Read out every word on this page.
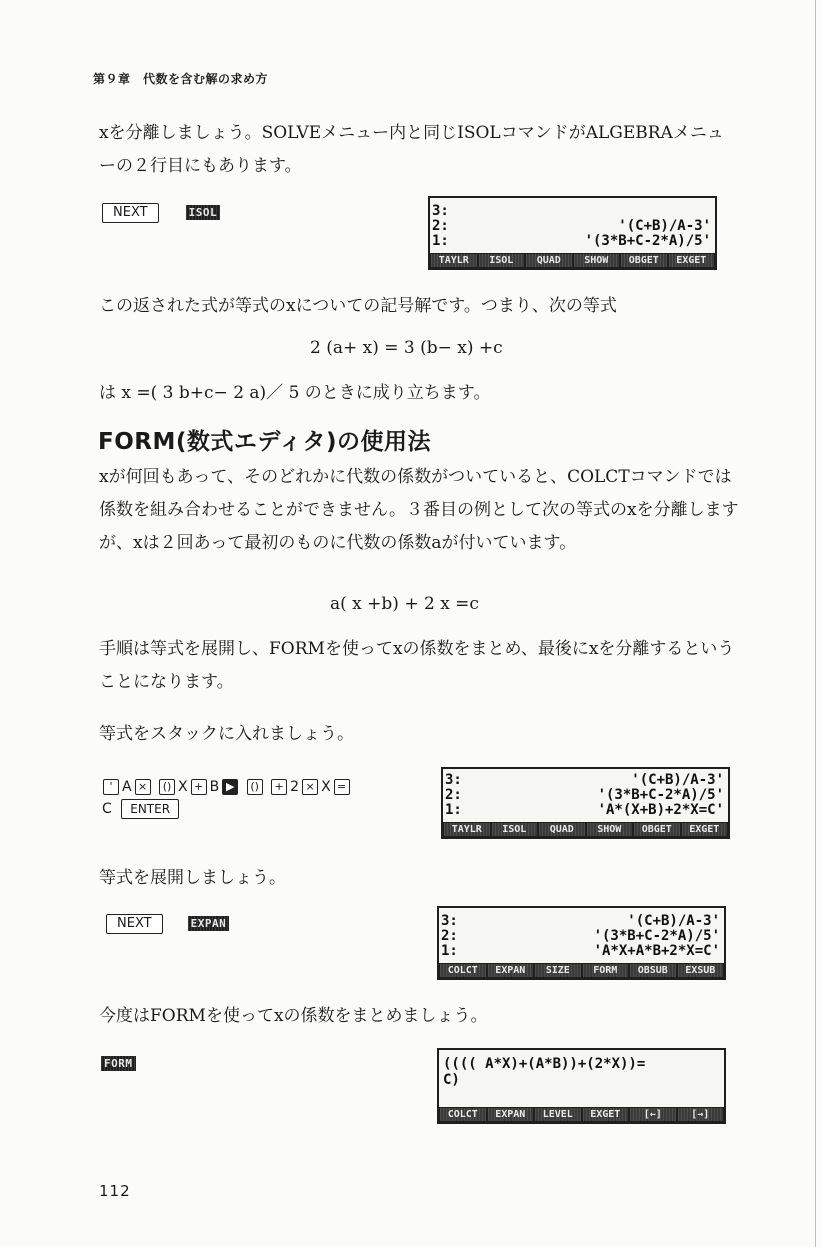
第９章　代数を含む解の求め方
xを分離しましょう。SOLVEメニュー内と同じISOLコマンドがALGEBRAメニューの２行目にもあります。
NEXT	ISOL	3:
2:	'(C+B)/A-3'
1:	'(3*B+C-2*A)/5'
TAYLR	ISOL	QUAD	SHOW	OBGET	EXGET
この返された式が等式のxについての記号解です。つまり、次の等式
2 (a+ x) = 3 (b− x) +c
は x =( 3 b+c− 2 a)／ 5 のときに成り立ちます。
FORM(数式エディタ)の使用法
xが何回もあって、そのどれかに代数の係数がついていると、COLCTコマンドでは係数を組み合わせることができません。３番目の例として次の等式のxを分離しますが、xは２回あって最初のものに代数の係数aが付いています。
a( x +b) + 2 x =c
手順は等式を展開し、FORMを使ってxの係数をまとめ、最後にxを分離するということになります。
等式をスタックに入れましょう。
' A × () X + B ▶ () + 2 × X =
C ENTER
3:	'(C+B)/A-3'
2:	'(3*B+C-2*A)/5'
1:	'A*(X+B)+2*X=C'
TAYLR	ISOL	QUAD	SHOW	OBGET	EXGET
等式を展開しましょう。
NEXT	EXPAN	3:	'(C+B)/A-3'
2:	'(3*B+C-2*A)/5'
1:	'A*X+A*B+2*X=C'
COLCT	EXPAN	SIZE	FORM	OBSUB	EXSUB
今度はFORMを使ってxの係数をまとめましょう。
FORM	(((( A*X)+(A*B))+(2*X))=
C)
COLCT	EXPAN	LEVEL	EXGET	[←]	[→]
112
